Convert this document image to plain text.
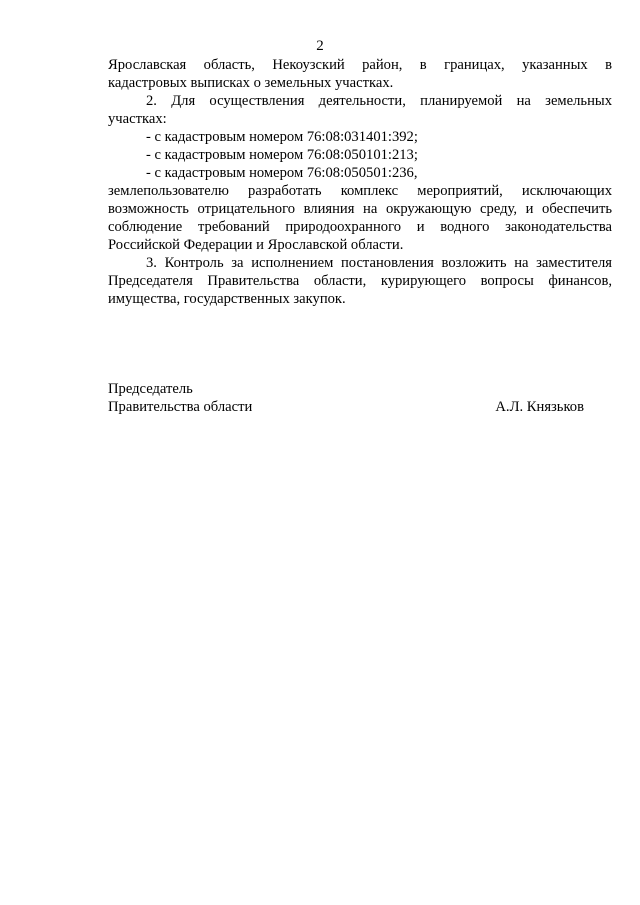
2
Ярославская область, Некоузский район, в границах, указанных в
кадастровых выписках о земельных участках.
2. Для осуществления деятельности, планируемой на земельных
участках:
- с кадастровым номером 76:08:031401:392;
- с кадастровым номером 76:08:050101:213;
- с кадастровым номером 76:08:050501:236,
землепользователю разработать комплекс мероприятий, исключающих
возможность отрицательного влияния на окружающую среду, и обеспечить
соблюдение требований природоохранного и водного законодательства
Российской Федерации и Ярославской области.
3. Контроль за исполнением постановления возложить на заместителя
Председателя Правительства области, курирующего вопросы финансов,
имущества, государственных закупок.
Председатель
Правительства области	А.Л. Князьков
